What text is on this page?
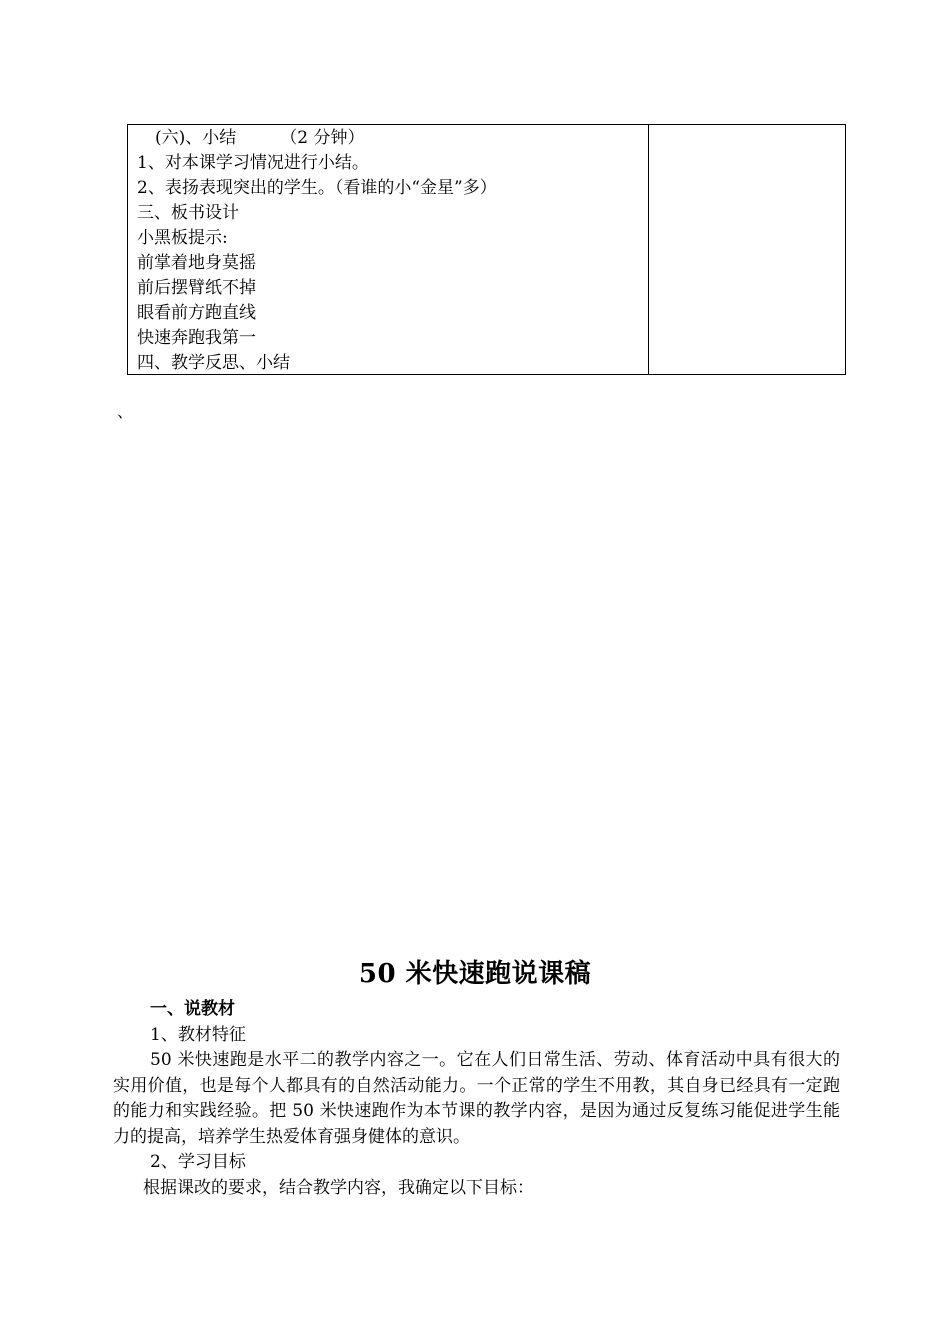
(六)、小结	（2 分钟）
1、对本课学习情况进行小结。
2、表扬表现突出的学生。（看谁的小“金星”多）
三、板书设计
小黑板提示:
前掌着地身莫摇
前后摆臂纸不掉
眼看前方跑直线
快速奔跑我第一
四、教学反思、小结
、
50 米快速跑说课稿
一、说教材
1、教材特征
50 米快速跑是水平二的教学内容之一。它在人们日常生活、劳动、体育活动中具有很大的实用价值，也是每个人都具有的自然活动能力。一个正常的学生不用教，其自身已经具有一定跑的能力和实践经验。把 50 米快速跑作为本节课的教学内容，是因为通过反复练习能促进学生能力的提高，培养学生热爱体育强身健体的意识。
2、学习目标
根据课改的要求，结合教学内容，我确定以下目标：
